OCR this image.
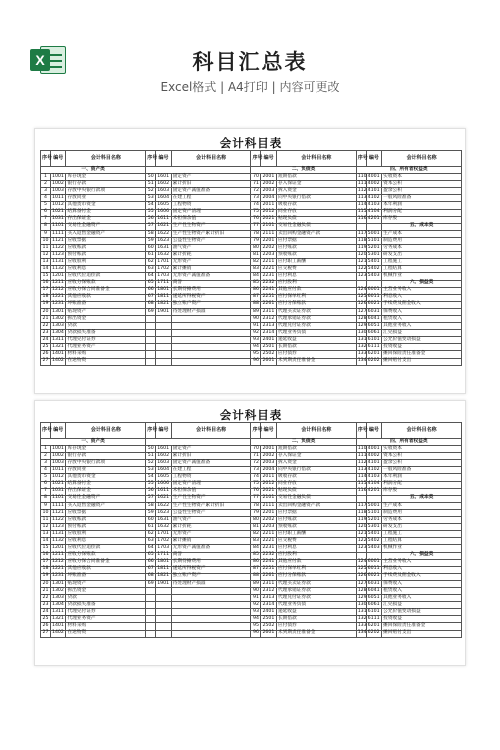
X	科目汇总表
Excel格式 | A4打印 | 内容可更改
会计科目表
序号	编号	会计科目名称	序号	编号	会计科目名称	序号	编号	会计科目名称	序号	编号	会计科目名称
一、资产类						二、负债类			四、所有者权益类		
1	1001	库存现金	50	1601	固定资产	70	2001	短期借款	110	4001	实收资本
2	1002	银行存款	51	1602	累计折旧	71	2002	存入保证金	111	4002	资本公积
3	1003	存放中央银行款项	52	1603	固定资产减值准备	72	2003	拆入资金	112	4101	盈余公积
4	1011	存放同业	53	1604	在建工程	73	2004	向中央银行借款	113	4102	一般风险准备
5	1012	其他货币资金	54	1605	工程物资	74	2011	吸收存款	114	4103	本年利润
6	1021	结算备付金	55	1606	固定资产清理	75	2012	同业存放	115	4104	利润分配
7	1031	存出保证金	56	1611	未担保余值	76	2021	贴现负债	116	4201	库存股
8	1101	交易性金融资产	57	1621	生产性生物资产	77	2101	交易性金融负债			五、成本类
9	1111	买入返售金融资产	58	1622	生产性生物资产累计折旧	78	2111	卖出回购金融资产款	117	5001	生产成本
10	1121	应收票据	59	1623	公益性生物资产	79	2201	应付票据	118	5101	制造费用
11	1122	应收账款	60	1631	油气资产	80	2202	应付账款	119	5201	劳务成本
12	1123	预付账款	61	1632	累计折耗	81	2203	预收账款	120	5301	研发支出
13	1131	应收股利	62	1701	无形资产	82	2211	应付职工薪酬	121	5401	工程施工
14	1132	应收利息	63	1702	累计摊销	83	2221	应交税费	122	5402	工程结算
15	1201	应收代位追偿款	64	1703	无形资产减值准备	84	2231	应付利息	123	5403	机械作业
16	1211	应收分保账款	65	1711	商誉	85	2232	应付股利			六、损益类
17	1212	应收分保合同准备金	66	1801	长期待摊费用	86	2241	其他应付款	124	6001	主营业务收入
18	1221	其他应收款	67	1811	递延所得税资产	87	2251	应付保单红利	125	6011	利息收入
19	1231	坏账准备	68	1821	独立账户资产	88	2261	应付分保账款	126	6021	手续费及佣金收入
20	1301	贴现资产	69	1901	待处理财产损溢	89	2311	代理买卖证券款	127	6031	保费收入
21	1302	拆出资金				90	2312	代理承销证券款	128	6041	租赁收入
22	1303	贷款				91	2313	代理兑付证券款	129	6051	其他业务收入
23	1304	贷款损失准备				92	2314	代理业务负债	130	6061	汇兑损益
24	1311	代理兑付证券				93	2401	递延收益	131	6101	公允价值变动损益
25	1321	代理业务资产				94	2501	长期借款	132	6111	投资收益
26	1401	材料采购				95	2502	应付债券	133	6201	摊回保险责任准备金
27	1402	在途物资				96	2601	未到期责任准备金	134	6202	摊回赔付支出
会计科目表
序号	编号	会计科目名称	序号	编号	会计科目名称	序号	编号	会计科目名称	序号	编号	会计科目名称
一、资产类						二、负债类			四、所有者权益类		
1	1001	库存现金	50	1601	固定资产	70	2001	短期借款	110	4001	实收资本
2	1002	银行存款	51	1602	累计折旧	71	2002	存入保证金	111	4002	资本公积
3	1003	存放中央银行款项	52	1603	固定资产减值准备	72	2003	拆入资金	112	4101	盈余公积
4	1011	存放同业	53	1604	在建工程	73	2004	向中央银行借款	113	4102	一般风险准备
5	1012	其他货币资金	54	1605	工程物资	74	2011	吸收存款	114	4103	本年利润
6	1021	结算备付金	55	1606	固定资产清理	75	2012	同业存放	115	4104	利润分配
7	1031	存出保证金	56	1611	未担保余值	76	2021	贴现负债	116	4201	库存股
8	1101	交易性金融资产	57	1621	生产性生物资产	77	2101	交易性金融负债			五、成本类
9	1111	买入返售金融资产	58	1622	生产性生物资产累计折旧	78	2111	卖出回购金融资产款	117	5001	生产成本
10	1121	应收票据	59	1623	公益性生物资产	79	2201	应付票据	118	5101	制造费用
11	1122	应收账款	60	1631	油气资产	80	2202	应付账款	119	5201	劳务成本
12	1123	预付账款	61	1632	累计折耗	81	2203	预收账款	120	5301	研发支出
13	1131	应收股利	62	1701	无形资产	82	2211	应付职工薪酬	121	5401	工程施工
14	1132	应收利息	63	1702	累计摊销	83	2221	应交税费	122	5402	工程结算
15	1201	应收代位追偿款	64	1703	无形资产减值准备	84	2231	应付利息	123	5403	机械作业
16	1211	应收分保账款	65	1711	商誉	85	2232	应付股利			六、损益类
17	1212	应收分保合同准备金	66	1801	长期待摊费用	86	2241	其他应付款	124	6001	主营业务收入
18	1221	其他应收款	67	1811	递延所得税资产	87	2251	应付保单红利	125	6011	利息收入
19	1231	坏账准备	68	1821	独立账户资产	88	2261	应付分保账款	126	6021	手续费及佣金收入
20	1301	贴现资产	69	1901	待处理财产损溢	89	2311	代理买卖证券款	127	6031	保费收入
21	1302	拆出资金				90	2312	代理承销证券款	128	6041	租赁收入
22	1303	贷款				91	2313	代理兑付证券款	129	6051	其他业务收入
23	1304	贷款损失准备				92	2314	代理业务负债	130	6061	汇兑损益
24	1311	代理兑付证券				93	2401	递延收益	131	6101	公允价值变动损益
25	1321	代理业务资产				94	2501	长期借款	132	6111	投资收益
26	1401	材料采购				95	2502	应付债券	133	6201	摊回保险责任准备金
27	1402	在途物资				96	2601	未到期责任准备金	134	6202	摊回赔付支出
